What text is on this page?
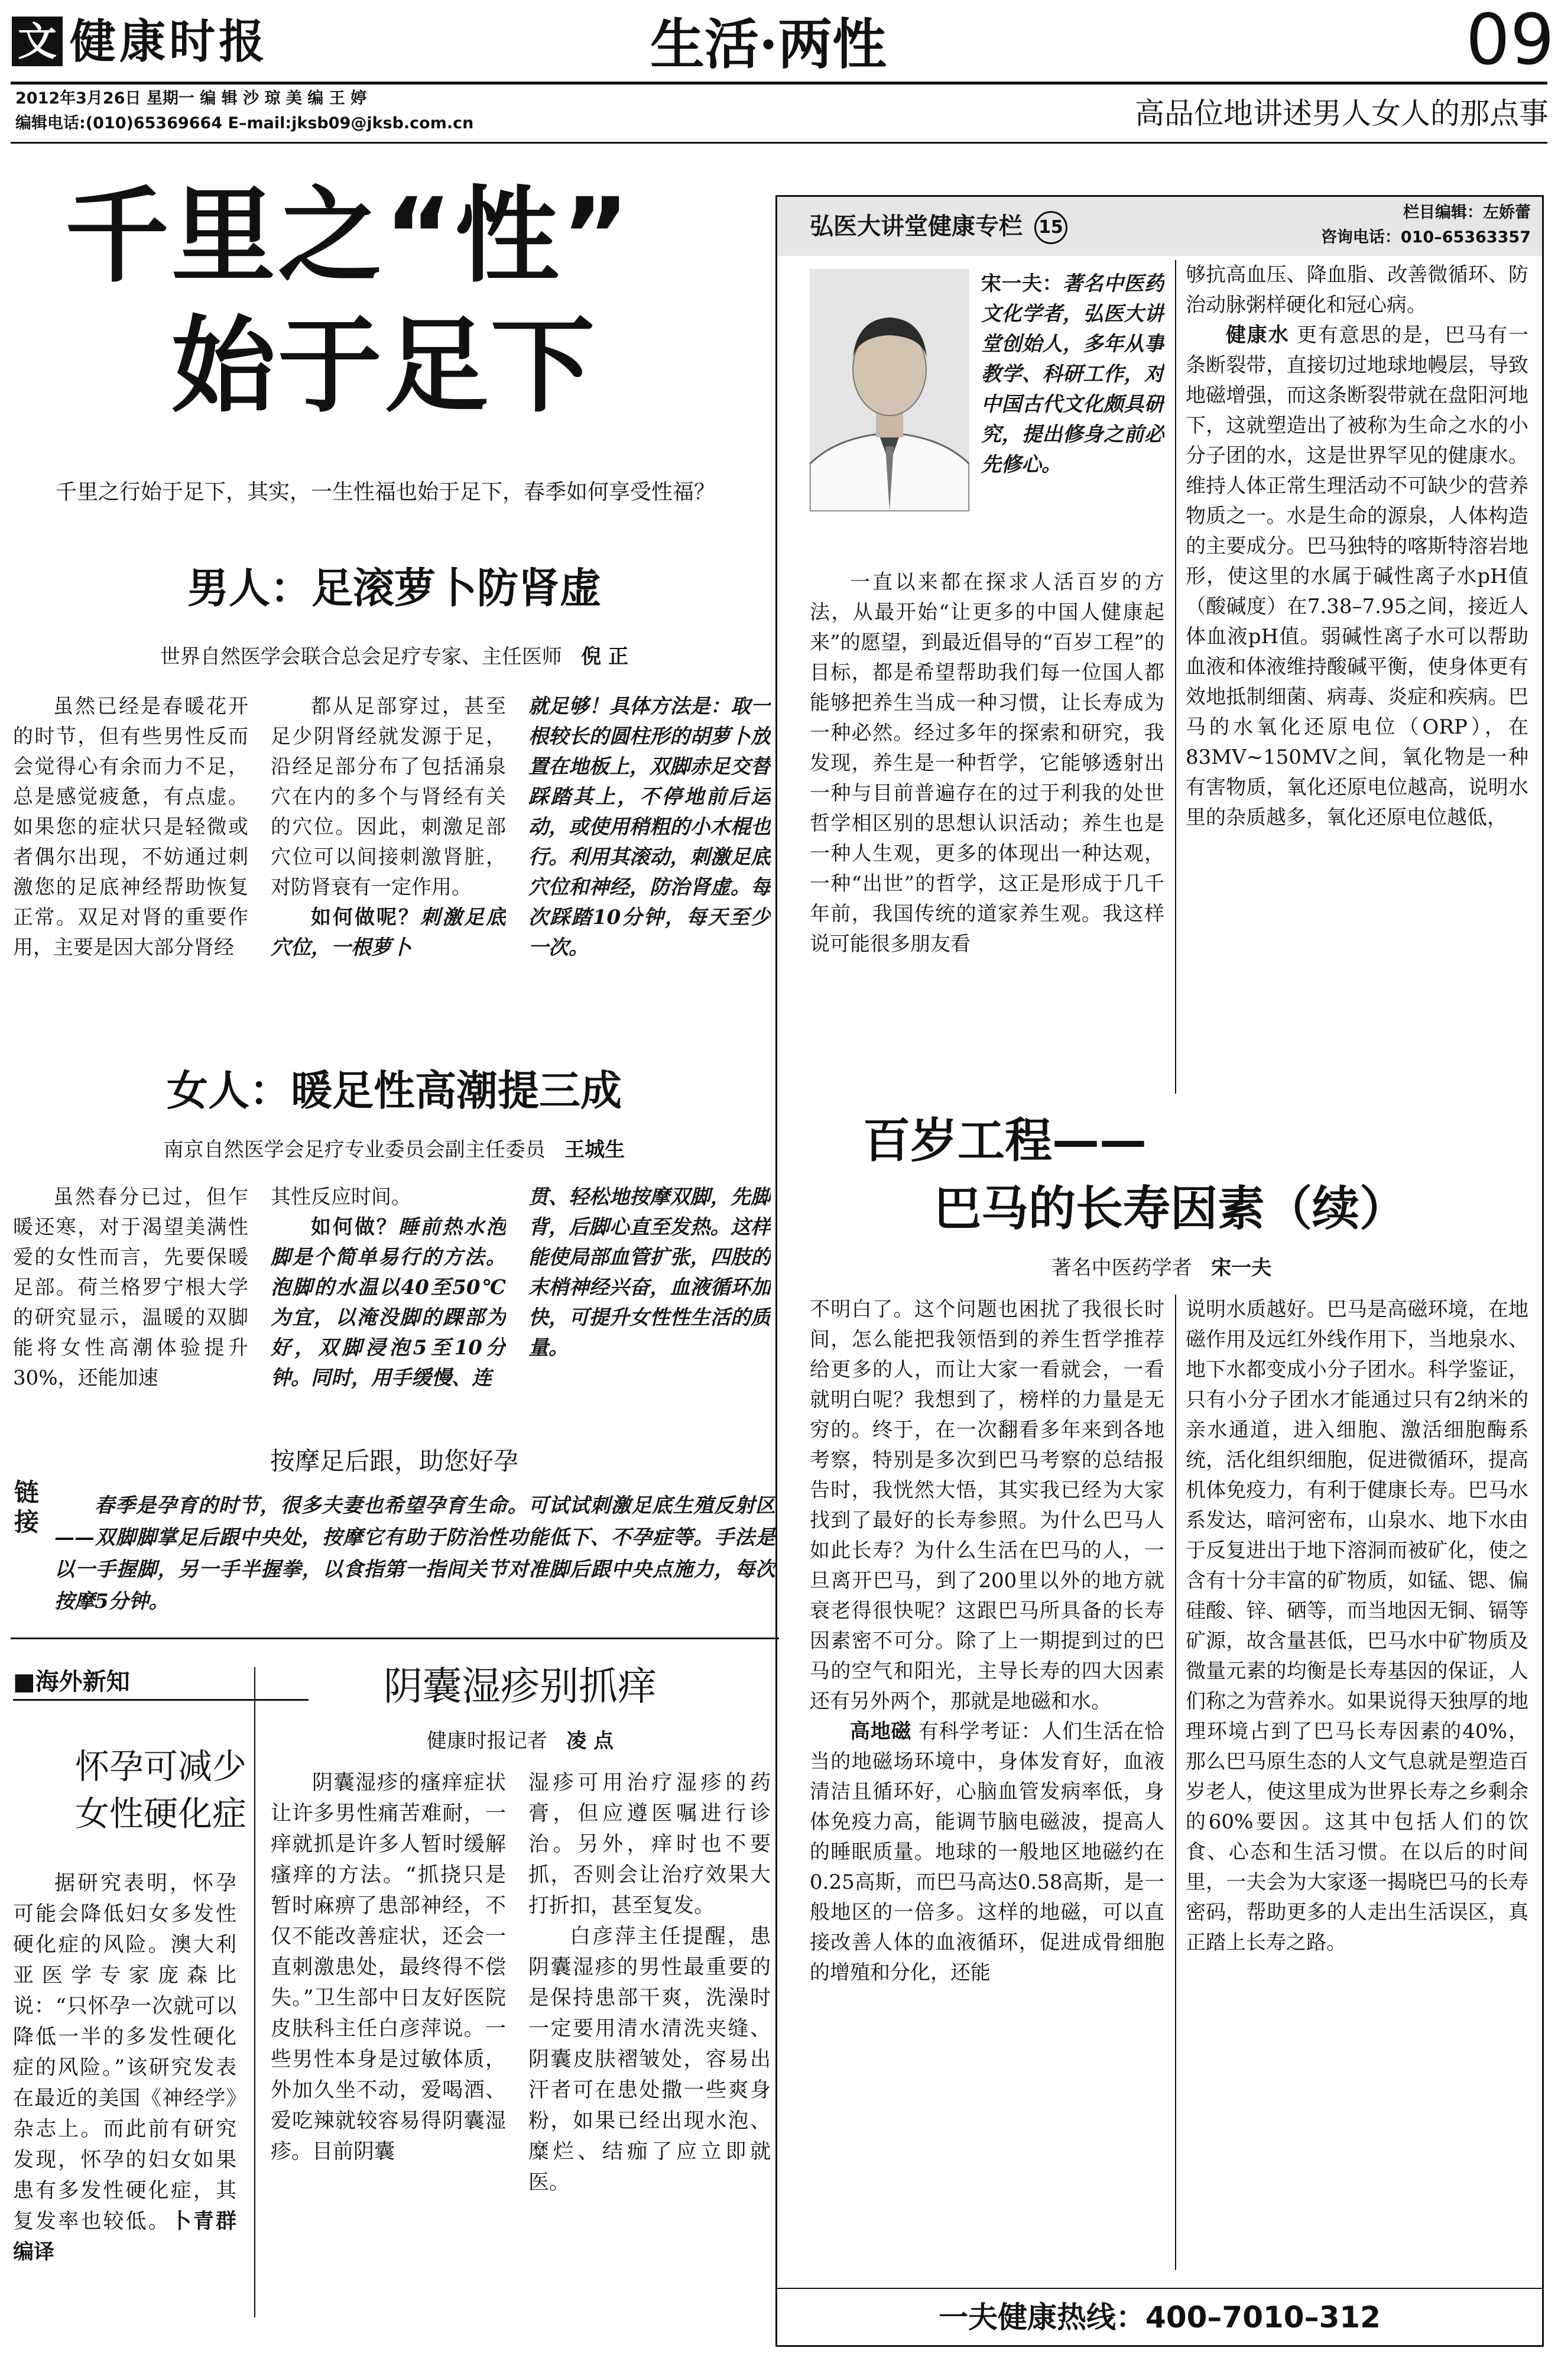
文 健康时报	生活·两性	09
2012年3月26日 星期一 编 辑 沙 琼 美 编 王 婷
编辑电话:(010)65369664 E–mail:jksb09@jksb.com.cn	高品位地讲述男人女人的那点事
千里之“性”
始于足下

千里之行始于足下，其实，一生性福也始于足下，春季如何享受性福？

男人：足滚萝卜防肾虚
世界自然医学会联合总会足疗专家、主任医师 倪 正

虽然已经是春暖花开的时节，但有些男性反而会觉得心有余而力不足，总是感觉疲惫，有点虚。如果您的症状只是轻微或者偶尔出现，不妨通过刺激您的足底神经帮助恢复正常。双足对肾的重要作用，主要是因大部分肾经

都从足部穿过，甚至足少阴肾经就发源于足，沿经足部分布了包括涌泉穴在内的多个与肾经有关的穴位。因此，刺激足部穴位可以间接刺激肾脏，对防肾衰有一定作用。

如何做呢？刺激足底穴位，一根萝卜

就足够！具体方法是：取一根较长的圆柱形的胡萝卜放置在地板上，双脚赤足交替踩踏其上，不停地前后运动，或使用稍粗的小木棍也行。利用其滚动，刺激足底穴位和神经，防治肾虚。每次踩踏10分钟，每天至少一次。

女人：暖足性高潮提三成
南京自然医学会足疗专业委员会副主任委员 王城生

虽然春分已过，但乍暖还寒，对于渴望美满性爱的女性而言，先要保暖足部。荷兰格罗宁根大学的研究显示，温暖的双脚能将女性高潮体验提升30%，还能加速

其性反应时间。

如何做？睡前热水泡脚是个简单易行的方法。泡脚的水温以40至50℃为宜，以淹没脚的踝部为好，双脚浸泡5至10分钟。同时，用手缓慢、连

贯、轻松地按摩双脚，先脚背，后脚心直至发热。这样能使局部血管扩张，四肢的末梢神经兴奋，血液循环加快，可提升女性性生活的质量。

按摩足后跟，助您好孕
链接

春季是孕育的时节，很多夫妻也希望孕育生命。可试试刺激足底生殖反射区——双脚脚掌足后跟中央处，按摩它有助于防治性功能低下、不孕症等。手法是以一手握脚，另一手半握拳，以食指第一指间关节对准脚后跟中央点施力，每次按摩5分钟。

■海外新知
怀孕可减少
女性硬化症

据研究表明，怀孕可能会降低妇女多发性硬化症的风险。澳大利亚医学专家庞森比说：“只怀孕一次就可以降低一半的多发性硬化症的风险。”该研究发表在最近的美国《神经学》杂志上。而此前有研究发现，怀孕的妇女如果患有多发性硬化症，其复发率也较低。卜青群编译

阴囊湿疹别抓痒
健康时报记者 凌 点

阴囊湿疹的瘙痒症状让许多男性痛苦难耐，一痒就抓是许多人暂时缓解瘙痒的方法。“抓挠只是暂时麻痹了患部神经，不仅不能改善症状，还会一直刺激患处，最终得不偿失。”卫生部中日友好医院皮肤科主任白彦萍说。一些男性本身是过敏体质，外加久坐不动，爱喝酒、爱吃辣就较容易得阴囊湿疹。目前阴囊

湿疹可用治疗湿疹的药膏，但应遵医嘱进行诊治。另外，痒时也不要抓，否则会让治疗效果大打折扣，甚至复发。

白彦萍主任提醒，患阴囊湿疹的男性最重要的是保持患部干爽，洗澡时一定要用清水清洗夹缝、阴囊皮肤褶皱处，容易出汗者可在患处撒一些爽身粉，如果已经出现水泡、糜烂、结痂了应立即就医。

弘医大讲堂健康专栏 15
栏目编辑：左娇蕾
咨询电话：010–65363357

宋一夫：著名中医药文化学者，弘医大讲堂创始人，多年从事教学、科研工作，对中国古代文化颇具研究，提出修身之前必先修心。

一直以来都在探求人活百岁的方法，从最开始“让更多的中国人健康起来”的愿望，到最近倡导的“百岁工程”的目标，都是希望帮助我们每一位国人都能够把养生当成一种习惯，让长寿成为一种必然。经过多年的探索和研究，我发现，养生是一种哲学，它能够透射出一种与目前普遍存在的过于利我的处世哲学相区别的思想认识活动；养生也是一种人生观，更多的体现出一种达观，一种“出世”的哲学，这正是形成于几千年前，我国传统的道家养生观。我这样说可能很多朋友看

够抗高血压、降血脂、改善微循环、防治动脉粥样硬化和冠心病。

健康水 更有意思的是，巴马有一条断裂带，直接切过地球地幔层，导致地磁增强，而这条断裂带就在盘阳河地下，这就塑造出了被称为生命之水的小分子团的水，这是世界罕见的健康水。维持人体正常生理活动不可缺少的营养物质之一。水是生命的源泉，人体构造的主要成分。巴马独特的喀斯特溶岩地形，使这里的水属于碱性离子水pH值（酸碱度）在7.38–7.95之间，接近人体血液pH值。弱碱性离子水可以帮助血液和体液维持酸碱平衡，使身体更有效地抵制细菌、病毒、炎症和疾病。巴马的水氧化还原电位（ORP），在83MV~150MV之间，氧化物是一种有害物质，氧化还原电位越高，说明水里的杂质越多，氧化还原电位越低，

百岁工程——
巴马的长寿因素（续）
著名中医药学者 宋一夫

不明白了。这个问题也困扰了我很长时间，怎么能把我领悟到的养生哲学推荐给更多的人，而让大家一看就会，一看就明白呢？我想到了，榜样的力量是无穷的。终于，在一次翻看多年来到各地考察，特别是多次到巴马考察的总结报告时，我恍然大悟，其实我已经为大家找到了最好的长寿参照。为什么巴马人如此长寿？为什么生活在巴马的人，一旦离开巴马，到了200里以外的地方就衰老得很快呢？这跟巴马所具备的长寿因素密不可分。除了上一期提到过的巴马的空气和阳光，主导长寿的四大因素还有另外两个，那就是地磁和水。

高地磁 有科学考证：人们生活在恰当的地磁场环境中，身体发育好，血液清洁且循环好，心脑血管发病率低，身体免疫力高，能调节脑电磁波，提高人的睡眠质量。地球的一般地区地磁约在0.25高斯，而巴马高达0.58高斯，是一般地区的一倍多。这样的地磁，可以直接改善人体的血液循环，促进成骨细胞的增殖和分化，还能

说明水质越好。巴马是高磁环境，在地磁作用及远红外线作用下，当地泉水、地下水都变成小分子团水。科学鉴证，只有小分子团水才能通过只有2纳米的亲水通道，进入细胞、激活细胞酶系统，活化组织细胞，促进微循环，提高机体免疫力，有利于健康长寿。巴马水系发达，暗河密布，山泉水、地下水由于反复进出于地下溶洞而被矿化，使之含有十分丰富的矿物质，如锰、锶、偏硅酸、锌、硒等，而当地因无铜、镉等矿源，故含量甚低，巴马水中矿物质及微量元素的均衡是长寿基因的保证，人们称之为营养水。如果说得天独厚的地理环境占到了巴马长寿因素的40%，那么巴马原生态的人文气息就是塑造百岁老人，使这里成为世界长寿之乡剩余的60%要因。这其中包括人们的饮食、心态和生活习惯。在以后的时间里，一夫会为大家逐一揭晓巴马的长寿密码，帮助更多的人走出生活误区，真正踏上长寿之路。

一夫健康热线：400–7010–312
